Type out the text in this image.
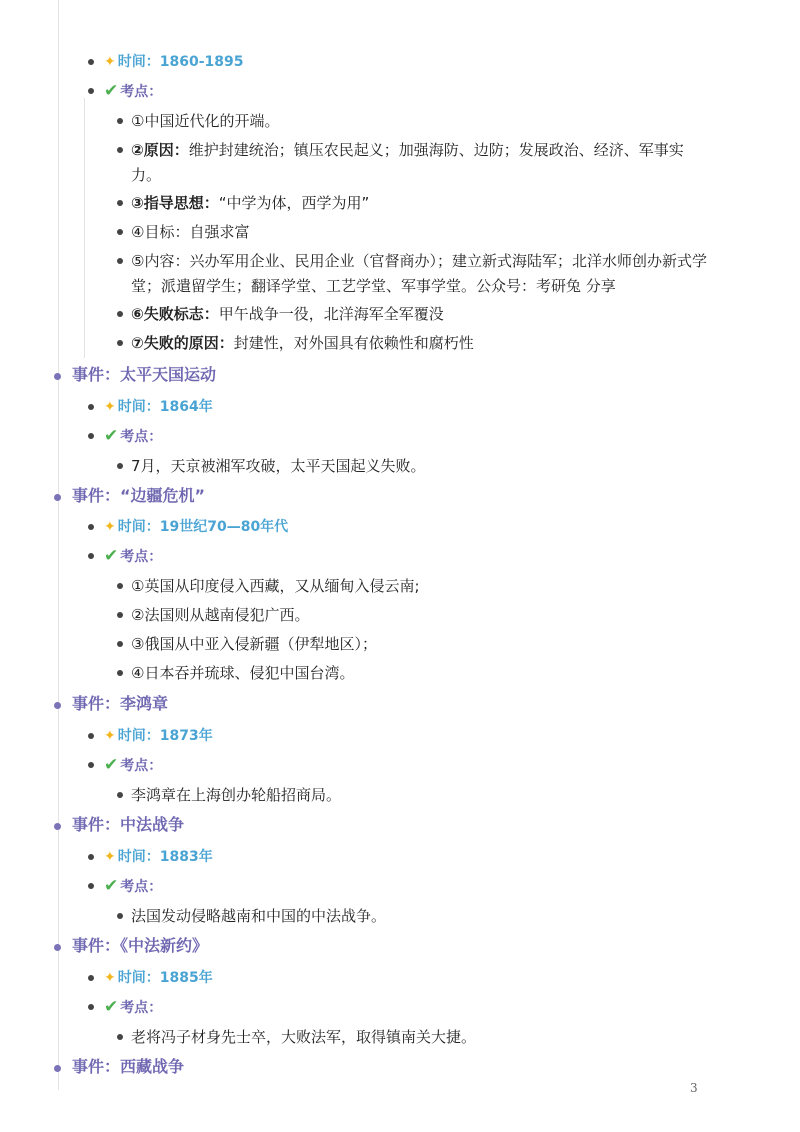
✦ 时间：1860-1895
✔ 考点：
①中国近代化的开端。
②原因：维护封建统治；镇压农民起义；加强海防、边防；发展政治、经济、军事实
力。
③指导思想：“中学为体，西学为用”
④目标：自强求富
⑤内容：兴办军用企业、民用企业（官督商办）；建立新式海陆军；北洋水师创办新式学
堂；派遣留学生；翻译学堂、工艺学堂、军事学堂。公众号：考研兔 分享
⑥失败标志：甲午战争一役，北洋海军全军覆没
⑦失败的原因：封建性，对外国具有依赖性和腐朽性
事件：太平天国运动
✦ 时间：1864年
✔ 考点：
7月，天京被湘军攻破，太平天国起义失败。
事件：“边疆危机”
✦ 时间：19世纪70—80年代
✔ 考点：
①英国从印度侵入西藏，又从缅甸入侵云南;
②法国则从越南侵犯广西。
③俄国从中亚入侵新疆（伊犁地区）；
④日本吞并琉球、侵犯中国台湾。
事件：李鸿章
✦ 时间：1873年
✔ 考点：
李鸿章在上海创办轮船招商局。
事件：中法战争
✦ 时间：1883年
✔ 考点：
法国发动侵略越南和中国的中法战争。
事件：《中法新约》
✦ 时间：1885年
✔ 考点：
老将冯子材身先士卒，大败法军，取得镇南关大捷。
事件：西藏战争
3
